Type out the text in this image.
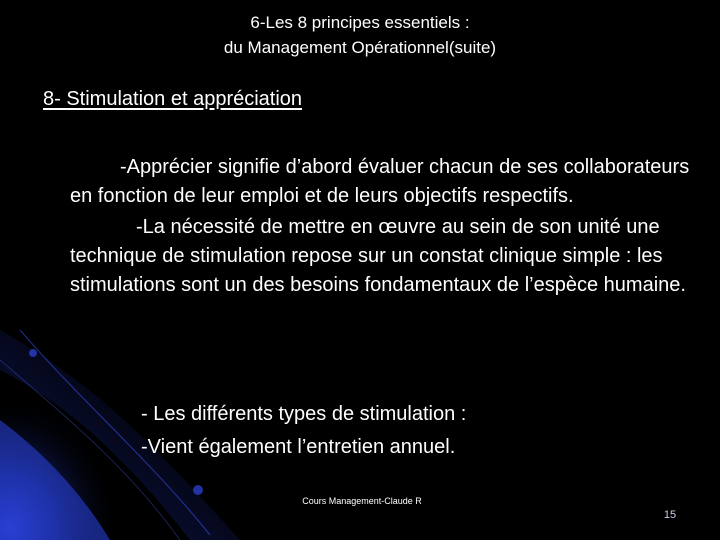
6-Les 8 principes essentiels :
du Management Opérationnel(suite)
8- Stimulation et appréciation

-Apprécier signifie d’abord évaluer chacun de ses collaborateurs en fonction de leur emploi et de leurs objectifs respectifs.

-La nécessité de mettre en œuvre au sein de son unité une technique de stimulation repose sur un constat clinique simple : les stimulations sont un des besoins fondamentaux de l’espèce humaine.

- Les différents types de stimulation :
-Vient également l’entretien annuel.
Cours Management-Claude R
15
